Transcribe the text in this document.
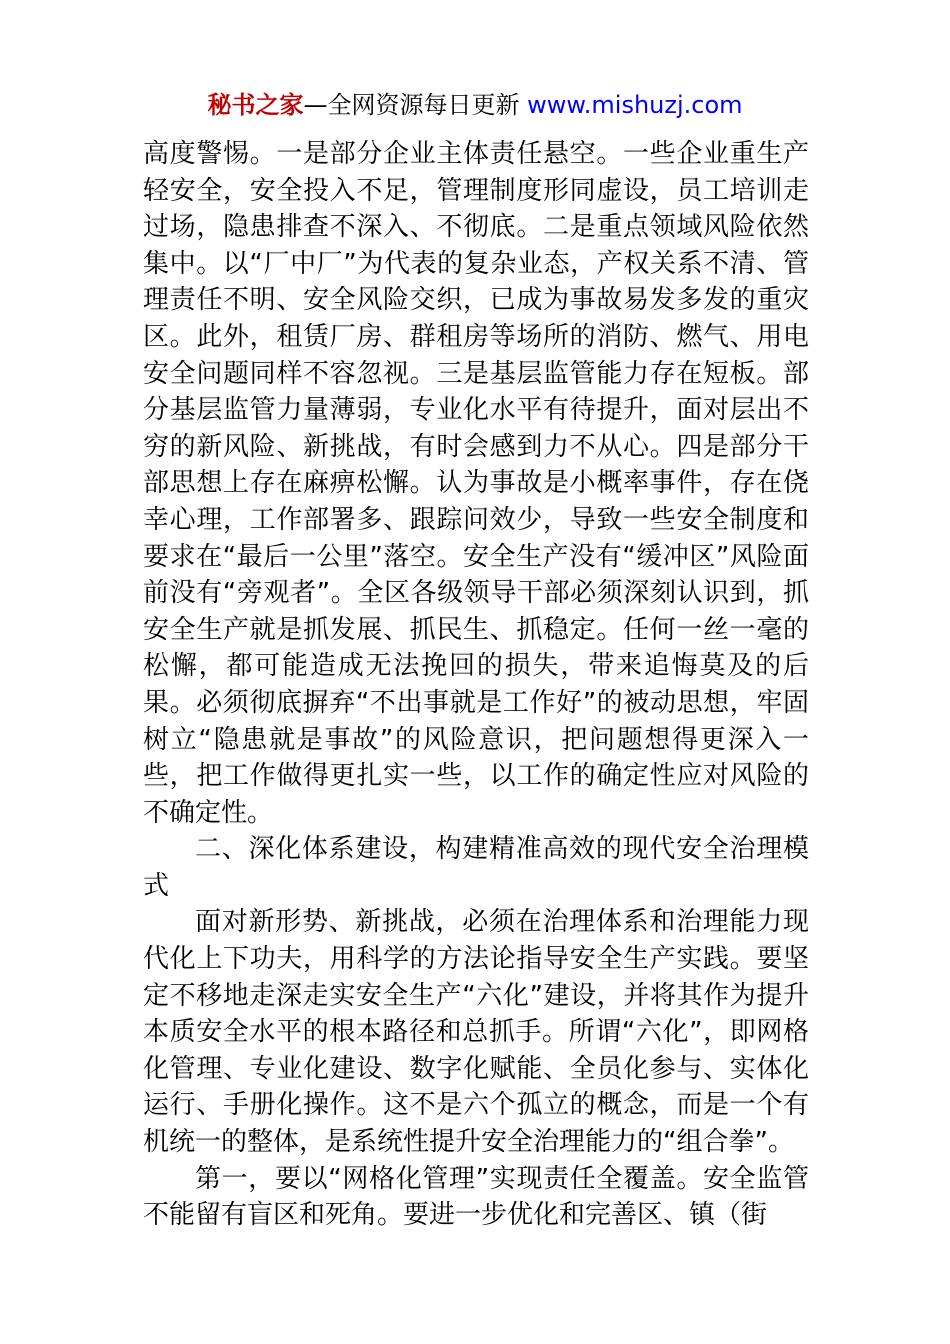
秘书之家—全网资源每日更新 www.mishuzj.com

高度警惕。一是部分企业主体责任悬空。一些企业重生产轻安全，安全投入不足，管理制度形同虚设，员工培训走过场，隐患排查不深入、不彻底。二是重点领域风险依然集中。以“厂中厂”为代表的复杂业态，产权关系不清、管理责任不明、安全风险交织，已成为事故易发多发的重灾区。此外，租赁厂房、群租房等场所的消防、燃气、用电安全问题同样不容忽视。三是基层监管能力存在短板。部分基层监管力量薄弱，专业化水平有待提升，面对层出不穷的新风险、新挑战，有时会感到力不从心。四是部分干部思想上存在麻痹松懈。认为事故是小概率事件，存在侥幸心理，工作部署多、跟踪问效少，导致一些安全制度和要求在“最后一公里”落空。安全生产没有“缓冲区”风险面前没有“旁观者”。全区各级领导干部必须深刻认识到，抓安全生产就是抓发展、抓民生、抓稳定。任何一丝一毫的松懈，都可能造成无法挽回的损失，带来追悔莫及的后果。必须彻底摒弃“不出事就是工作好”的被动思想，牢固树立“隐患就是事故”的风险意识，把问题想得更深入一些，把工作做得更扎实一些，以工作的确定性应对风险的不确定性。

二、深化体系建设，构建精准高效的现代安全治理模式

面对新形势、新挑战，必须在治理体系和治理能力现代化上下功夫，用科学的方法论指导安全生产实践。要坚定不移地走深走实安全生产“六化”建设，并将其作为提升本质安全水平的根本路径和总抓手。所谓“六化”，即网格化管理、专业化建设、数字化赋能、全员化参与、实体化运行、手册化操作。这不是六个孤立的概念，而是一个有机统一的整体，是系统性提升安全治理能力的“组合拳”。

第一，要以“网格化管理”实现责任全覆盖。安全监管不能留有盲区和死角。要进一步优化和完善区、镇（街
